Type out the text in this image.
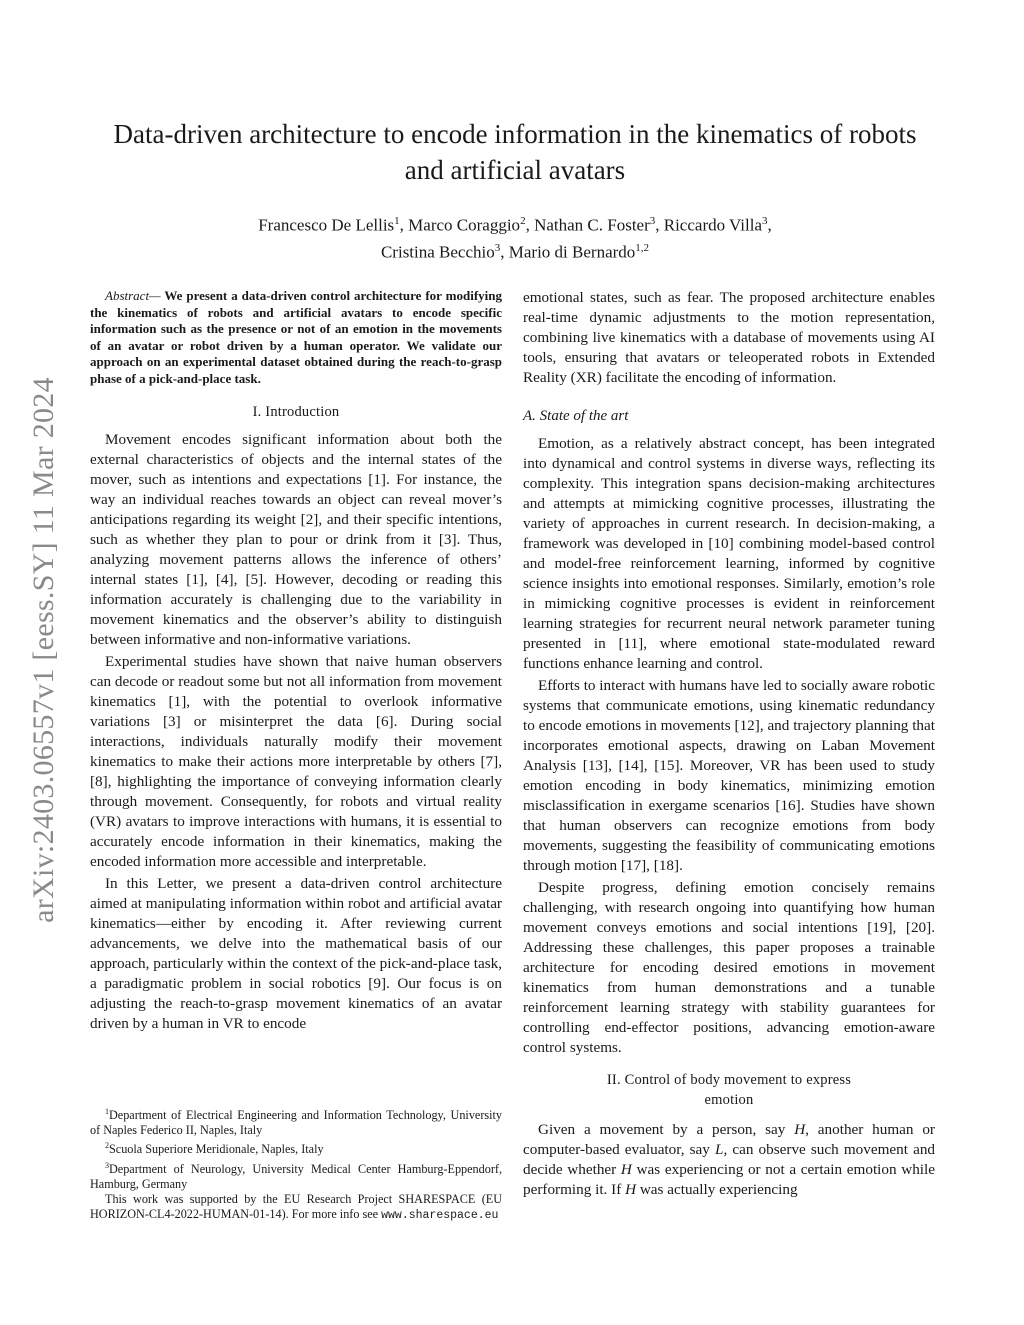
arXiv:2403.06557v1 [eess.SY] 11 Mar 2024
Data-driven architecture to encode information in the kinematics of robots
and artificial avatars
Francesco De Lellis$^1$, Marco Coraggio$^2$, Nathan C. Foster$^3$, Riccardo Villa$^3$,
Cristina Becchio$^3$, Mario di Bernardo$^{1,2}$
Abstract— We present a data-driven control architecture for modifying the kinematics of robots and artificial avatars to encode specific information such as the presence or not of an emotion in the movements of an avatar or robot driven by a human operator. We validate our approach on an experimental dataset obtained during the reach-to-grasp phase of a pick-and-place task.
I. Introduction

Movement encodes significant information about both the external characteristics of objects and the internal states of the mover, such as intentions and expectations [1]. For instance, the way an individual reaches towards an object can reveal mover’s anticipations regarding its weight [2], and their specific intentions, such as whether they plan to pour or drink from it [3]. Thus, analyzing movement patterns allows the inference of others’ internal states [1], [4], [5]. However, decoding or reading this information accurately is challenging due to the variability in movement kinematics and the observer’s ability to distinguish between informative and non-informative variations.

Experimental studies have shown that naive human observers can decode or readout some but not all information from movement kinematics [1], with the potential to overlook informative variations [3] or misinterpret the data [6]. During social interactions, individuals naturally modify their movement kinematics to make their actions more interpretable by others [7], [8], highlighting the importance of conveying information clearly through movement. Consequently, for robots and virtual reality (VR) avatars to improve interactions with humans, it is essential to accurately encode information in their kinematics, making the encoded information more accessible and interpretable.

In this Letter, we present a data-driven control architecture aimed at manipulating information within robot and artificial avatar kinematics—either by encoding it. After reviewing current advancements, we delve into the mathematical basis of our approach, particularly within the context of the pick-and-place task, a paradigmatic problem in social robotics [9]. Our focus is on adjusting the reach-to-grasp movement kinematics of an avatar driven by a human in VR to encode

$^1$Department of Electrical Engineering and Information Technology, University of Naples Federico II, Naples, Italy

$^2$Scuola Superiore Meridionale, Naples, Italy

$^3$Department of Neurology, University Medical Center Hamburg-Eppendorf, Hamburg, Germany

This work was supported by the EU Research Project SHARESPACE (EU HORIZON-CL4-2022-HUMAN-01-14). For more info see www.sharespace.eu

emotional states, such as fear. The proposed architecture enables real-time dynamic adjustments to the motion representation, combining live kinematics with a database of movements using AI tools, ensuring that avatars or teleoperated robots in Extended Reality (XR) facilitate the encoding of information.

A. State of the art

Emotion, as a relatively abstract concept, has been integrated into dynamical and control systems in diverse ways, reflecting its complexity. This integration spans decision-making architectures and attempts at mimicking cognitive processes, illustrating the variety of approaches in current research. In decision-making, a framework was developed in [10] combining model-based control and model-free reinforcement learning, informed by cognitive science insights into emotional responses. Similarly, emotion’s role in mimicking cognitive processes is evident in reinforcement learning strategies for recurrent neural network parameter tuning presented in [11], where emotional state-modulated reward functions enhance learning and control.

Efforts to interact with humans have led to socially aware robotic systems that communicate emotions, using kinematic redundancy to encode emotions in movements [12], and trajectory planning that incorporates emotional aspects, drawing on Laban Movement Analysis [13], [14], [15]. Moreover, VR has been used to study emotion encoding in body kinematics, minimizing emotion misclassification in exergame scenarios [16]. Studies have shown that human observers can recognize emotions from body movements, suggesting the feasibility of communicating emotions through motion [17], [18].

Despite progress, defining emotion concisely remains challenging, with research ongoing into quantifying how human movement conveys emotions and social intentions [19], [20]. Addressing these challenges, this paper proposes a trainable architecture for encoding desired emotions in movement kinematics from human demonstrations and a tunable reinforcement learning strategy with stability guarantees for controlling end-effector positions, advancing emotion-aware control systems.

II. Control of body movement to express
emotion

Given a movement by a person, say H, another human or computer-based evaluator, say L, can observe such movement and decide whether H was experiencing or not a certain emotion while performing it. If H was actually experiencing
